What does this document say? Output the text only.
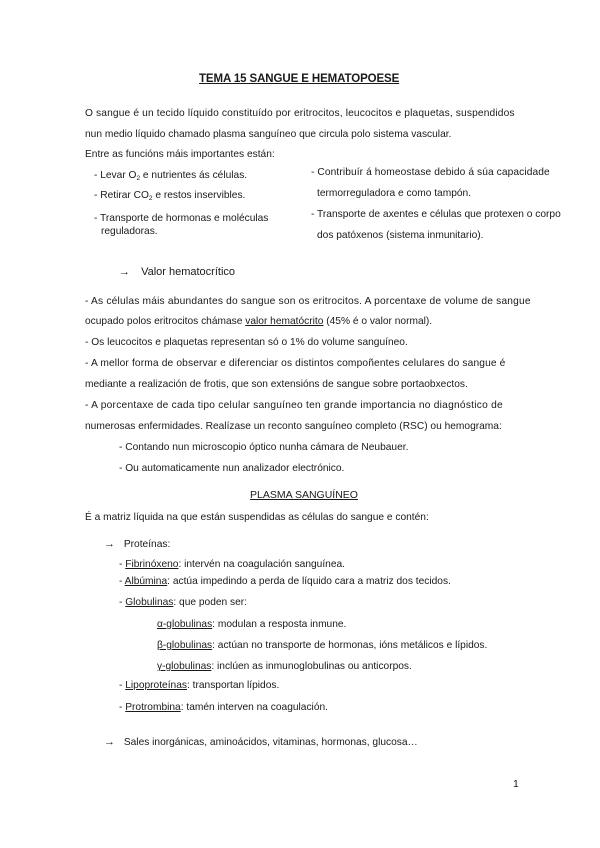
TEMA 15 SANGUE E HEMATOPOESE
O sangue é un tecido líquido constituído por eritrocitos, leucocitos e plaquetas, suspendidos
nun medio líquido chamado plasma sanguíneo que circula polo sistema vascular.
Entre as funcións máis importantes están:
- Levar $O_2$ e nutrientes ás células.
- Retirar $CO_2$ e restos inservibles.
- Transporte de hormonas e moléculas
reguladoras.
- Contribuír á homeostase debido á súa capacidade
termorreguladora e como tampón.
- Transporte de axentes e células que protexen o corpo
dos patóxenos (sistema inmunitario).
→ Valor hematocrítico
- As células máis abundantes do sangue son os eritrocitos. A porcentaxe de volume de sangue
ocupado polos eritrocitos chámase valor hematócrito (45% é o valor normal).
- Os leucocitos e plaquetas representan só o 1% do volume sanguíneo.
- A mellor forma de observar e diferenciar os distintos compoñentes celulares do sangue é
mediante a realización de frotis, que son extensións de sangue sobre portaobxectos.
- A porcentaxe de cada tipo celular sanguíneo ten grande importancia no diagnóstico de
numerosas enfermidades. Realízase un reconto sanguíneo completo (RSC) ou hemograma:
- Contando nun microscopio óptico nunha cámara de Neubauer.
- Ou automaticamente nun analizador electrónico.
PLASMA SANGUÍNEO
É a matriz líquida na que están suspendidas as células do sangue e contén:
→ Proteínas:
- Fibrinóxeno: intervén na coagulación sanguínea.
- Albúmina: actúa impedindo a perda de líquido cara a matriz dos tecidos.
- Globulinas: que poden ser:
α-globulinas: modulan a resposta inmune.
β-globulinas: actúan no transporte de hormonas, ións metálicos e lípidos.
γ-globulinas: inclúen as inmunoglobulinas ou anticorpos.
- Lipoproteínas: transportan lípidos.
- Protrombina: tamén interven na coagulación.
→ Sales inorgánicas, aminoácidos, vitaminas, hormonas, glucosa…
1
